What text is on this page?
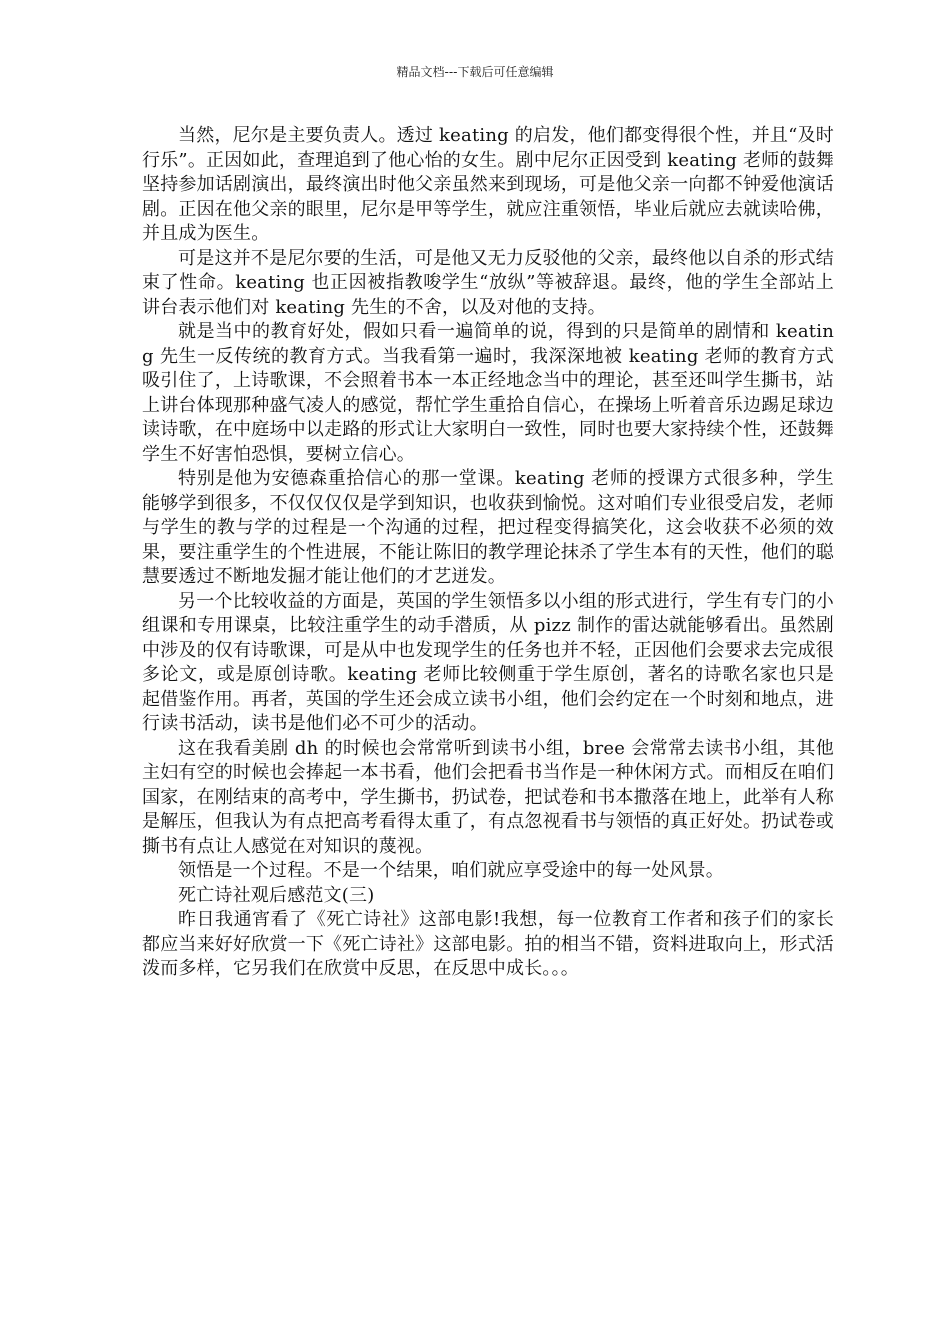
精品文档---下载后可任意编辑

当然，尼尔是主要负责人。透过 keating 的启发，他们都变得很个性，并且“及时行乐”。正因如此，查理追到了他心怡的女生。剧中尼尔正因受到 keating 老师的鼓舞坚持参加话剧演出，最终演出时他父亲虽然来到现场，可是他父亲一向都不钟爱他演话剧。正因在他父亲的眼里，尼尔是甲等学生，就应注重领悟，毕业后就应去就读哈佛，并且成为医生。

可是这并不是尼尔要的生活，可是他又无力反驳他的父亲，最终他以自杀的形式结束了性命。keating 也正因被指教唆学生“放纵”等被辞退。最终，他的学生全部站上讲台表示他们对 keating 先生的不舍，以及对他的支持。

就是当中的教育好处，假如只看一遍简单的说，得到的只是简单的剧情和 keating 先生一反传统的教育方式。当我看第一遍时，我深深地被 keating 老师的教育方式吸引住了，上诗歌课，不会照着书本一本正经地念当中的理论，甚至还叫学生撕书，站上讲台体现那种盛气凌人的感觉，帮忙学生重拾自信心，在操场上听着音乐边踢足球边读诗歌，在中庭场中以走路的形式让大家明白一致性，同时也要大家持续个性，还鼓舞学生不好害怕恐惧，要树立信心。

特别是他为安德森重拾信心的那一堂课。keating 老师的授课方式很多种，学生能够学到很多，不仅仅仅仅是学到知识，也收获到愉悦。这对咱们专业很受启发，老师与学生的教与学的过程是一个沟通的过程，把过程变得搞笑化，这会收获不必须的效果，要注重学生的个性进展，不能让陈旧的教学理论抹杀了学生本有的天性，他们的聪慧要透过不断地发掘才能让他们的才艺迸发。

另一个比较收益的方面是，英国的学生领悟多以小组的形式进行，学生有专门的小组课和专用课桌，比较注重学生的动手潜质，从 pizz 制作的雷达就能够看出。虽然剧中涉及的仅有诗歌课，可是从中也发现学生的任务也并不轻，正因他们会要求去完成很多论文，或是原创诗歌。keating 老师比较侧重于学生原创，著名的诗歌名家也只是起借鉴作用。再者，英国的学生还会成立读书小组，他们会约定在一个时刻和地点，进行读书活动，读书是他们必不可少的活动。

这在我看美剧 dh 的时候也会常常听到读书小组，bree 会常常去读书小组，其他主妇有空的时候也会捧起一本书看，他们会把看书当作是一种休闲方式。而相反在咱们国家，在刚结束的高考中，学生撕书，扔试卷，把试卷和书本撒落在地上，此举有人称是解压，但我认为有点把高考看得太重了，有点忽视看书与领悟的真正好处。扔试卷或撕书有点让人感觉在对知识的蔑视。

领悟是一个过程。不是一个结果，咱们就应享受途中的每一处风景。

死亡诗社观后感范文(三)

昨日我通宵看了《死亡诗社》这部电影!我想，每一位教育工作者和孩子们的家长都应当来好好欣赏一下《死亡诗社》这部电影。拍的相当不错，资料进取向上，形式活泼而多样，它另我们在欣赏中反思，在反思中成长。。。
